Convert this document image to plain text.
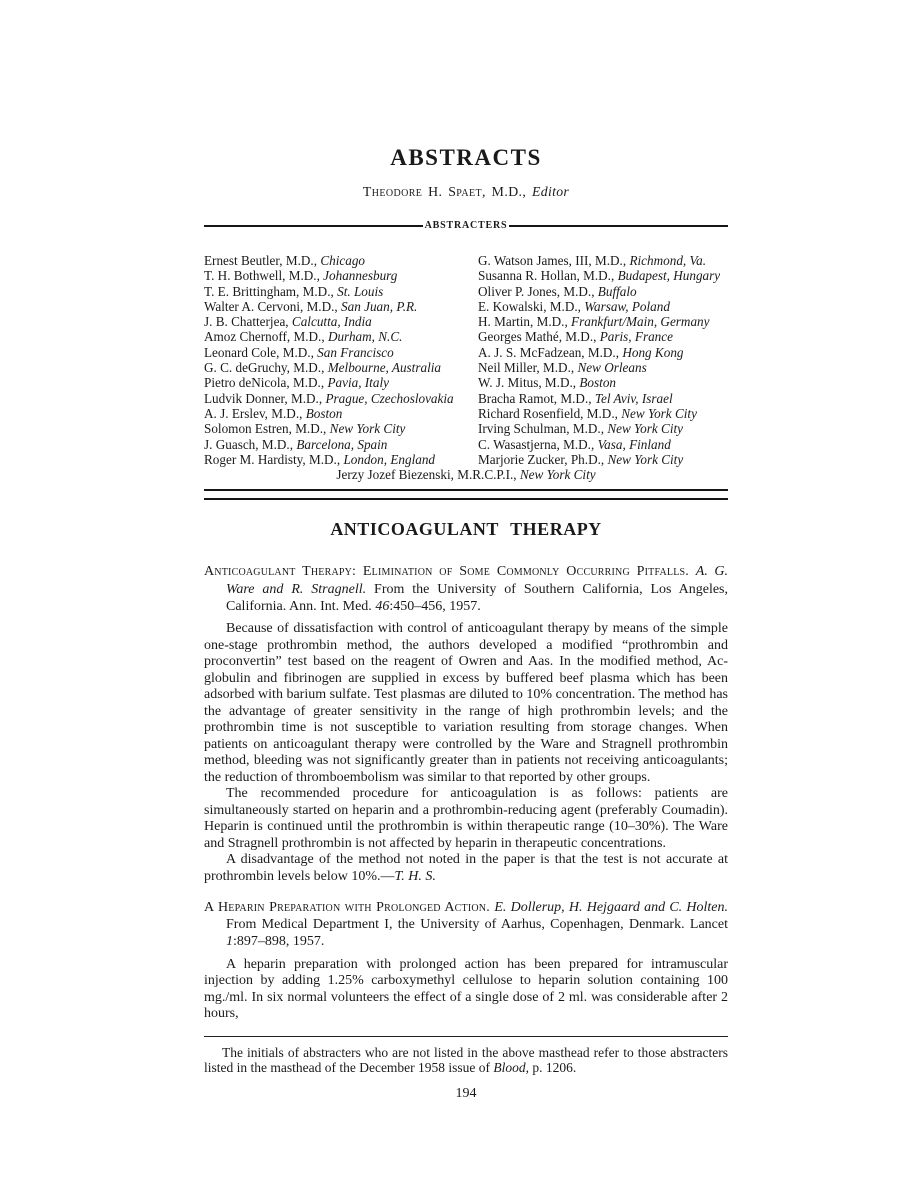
ABSTRACTS
Theodore H. Spaet, M.D., Editor
ABSTRACTERS
Ernest Beutler, M.D., Chicago
T. H. Bothwell, M.D., Johannesburg
T. E. Brittingham, M.D., St. Louis
Walter A. Cervoni, M.D., San Juan, P.R.
J. B. Chatterjea, Calcutta, India
Amoz Chernoff, M.D., Durham, N.C.
Leonard Cole, M.D., San Francisco
G. C. deGruchy, M.D., Melbourne, Australia
Pietro deNicola, M.D., Pavia, Italy
Ludvik Donner, M.D., Prague, Czechoslovakia
A. J. Erslev, M.D., Boston
Solomon Estren, M.D., New York City
J. Guasch, M.D., Barcelona, Spain
Roger M. Hardisty, M.D., London, England
G. Watson James, III, M.D., Richmond, Va.
Susanna R. Hollan, M.D., Budapest, Hungary
Oliver P. Jones, M.D., Buffalo
E. Kowalski, M.D., Warsaw, Poland
H. Martin, M.D., Frankfurt/Main, Germany
Georges Mathé, M.D., Paris, France
A. J. S. McFadzean, M.D., Hong Kong
Neil Miller, M.D., New Orleans
W. J. Mitus, M.D., Boston
Bracha Ramot, M.D., Tel Aviv, Israel
Richard Rosenfield, M.D., New York City
Irving Schulman, M.D., New York City
C. Wasastjerna, M.D., Vasa, Finland
Marjorie Zucker, Ph.D., New York City
Jerzy Jozef Biezenski, M.R.C.P.I., New York City
ANTICOAGULANT THERAPY

Anticoagulant Therapy: Elimination of Some Commonly Occurring Pitfalls. A. G. Ware and R. Stragnell. From the University of Southern California, Los Angeles, California. Ann. Int. Med. 46:450–456, 1957.

Because of dissatisfaction with control of anticoagulant therapy by means of the simple one-stage prothrombin method, the authors developed a modified “prothrombin and proconvertin” test based on the reagent of Owren and Aas. In the modified method, Ac-globulin and fibrinogen are supplied in excess by buffered beef plasma which has been adsorbed with barium sulfate. Test plasmas are diluted to 10% concentration. The method has the advantage of greater sensitivity in the range of high prothrombin levels; and the prothrombin time is not susceptible to variation resulting from storage changes. When patients on anticoagulant therapy were controlled by the Ware and Stragnell prothrombin method, bleeding was not significantly greater than in patients not receiving anticoagulants; the reduction of thromboembolism was similar to that reported by other groups.

The recommended procedure for anticoagulation is as follows: patients are simultaneously started on heparin and a prothrombin-reducing agent (preferably Coumadin). Heparin is continued until the prothrombin is within therapeutic range (10–30%). The Ware and Stragnell prothrombin is not affected by heparin in therapeutic concentrations.

A disadvantage of the method not noted in the paper is that the test is not accurate at prothrombin levels below 10%.—T. H. S.

A Heparin Preparation with Prolonged Action. E. Dollerup, H. Hejgaard and C. Holten. From Medical Department I, the University of Aarhus, Copenhagen, Denmark. Lancet 1:897–898, 1957.

A heparin preparation with prolonged action has been prepared for intramuscular injection by adding 1.25% carboxymethyl cellulose to heparin solution containing 100 mg./ml. In six normal volunteers the effect of a single dose of 2 ml. was considerable after 2 hours,

The initials of abstracters who are not listed in the above masthead refer to those abstracters listed in the masthead of the December 1958 issue of Blood, p. 1206.

194
